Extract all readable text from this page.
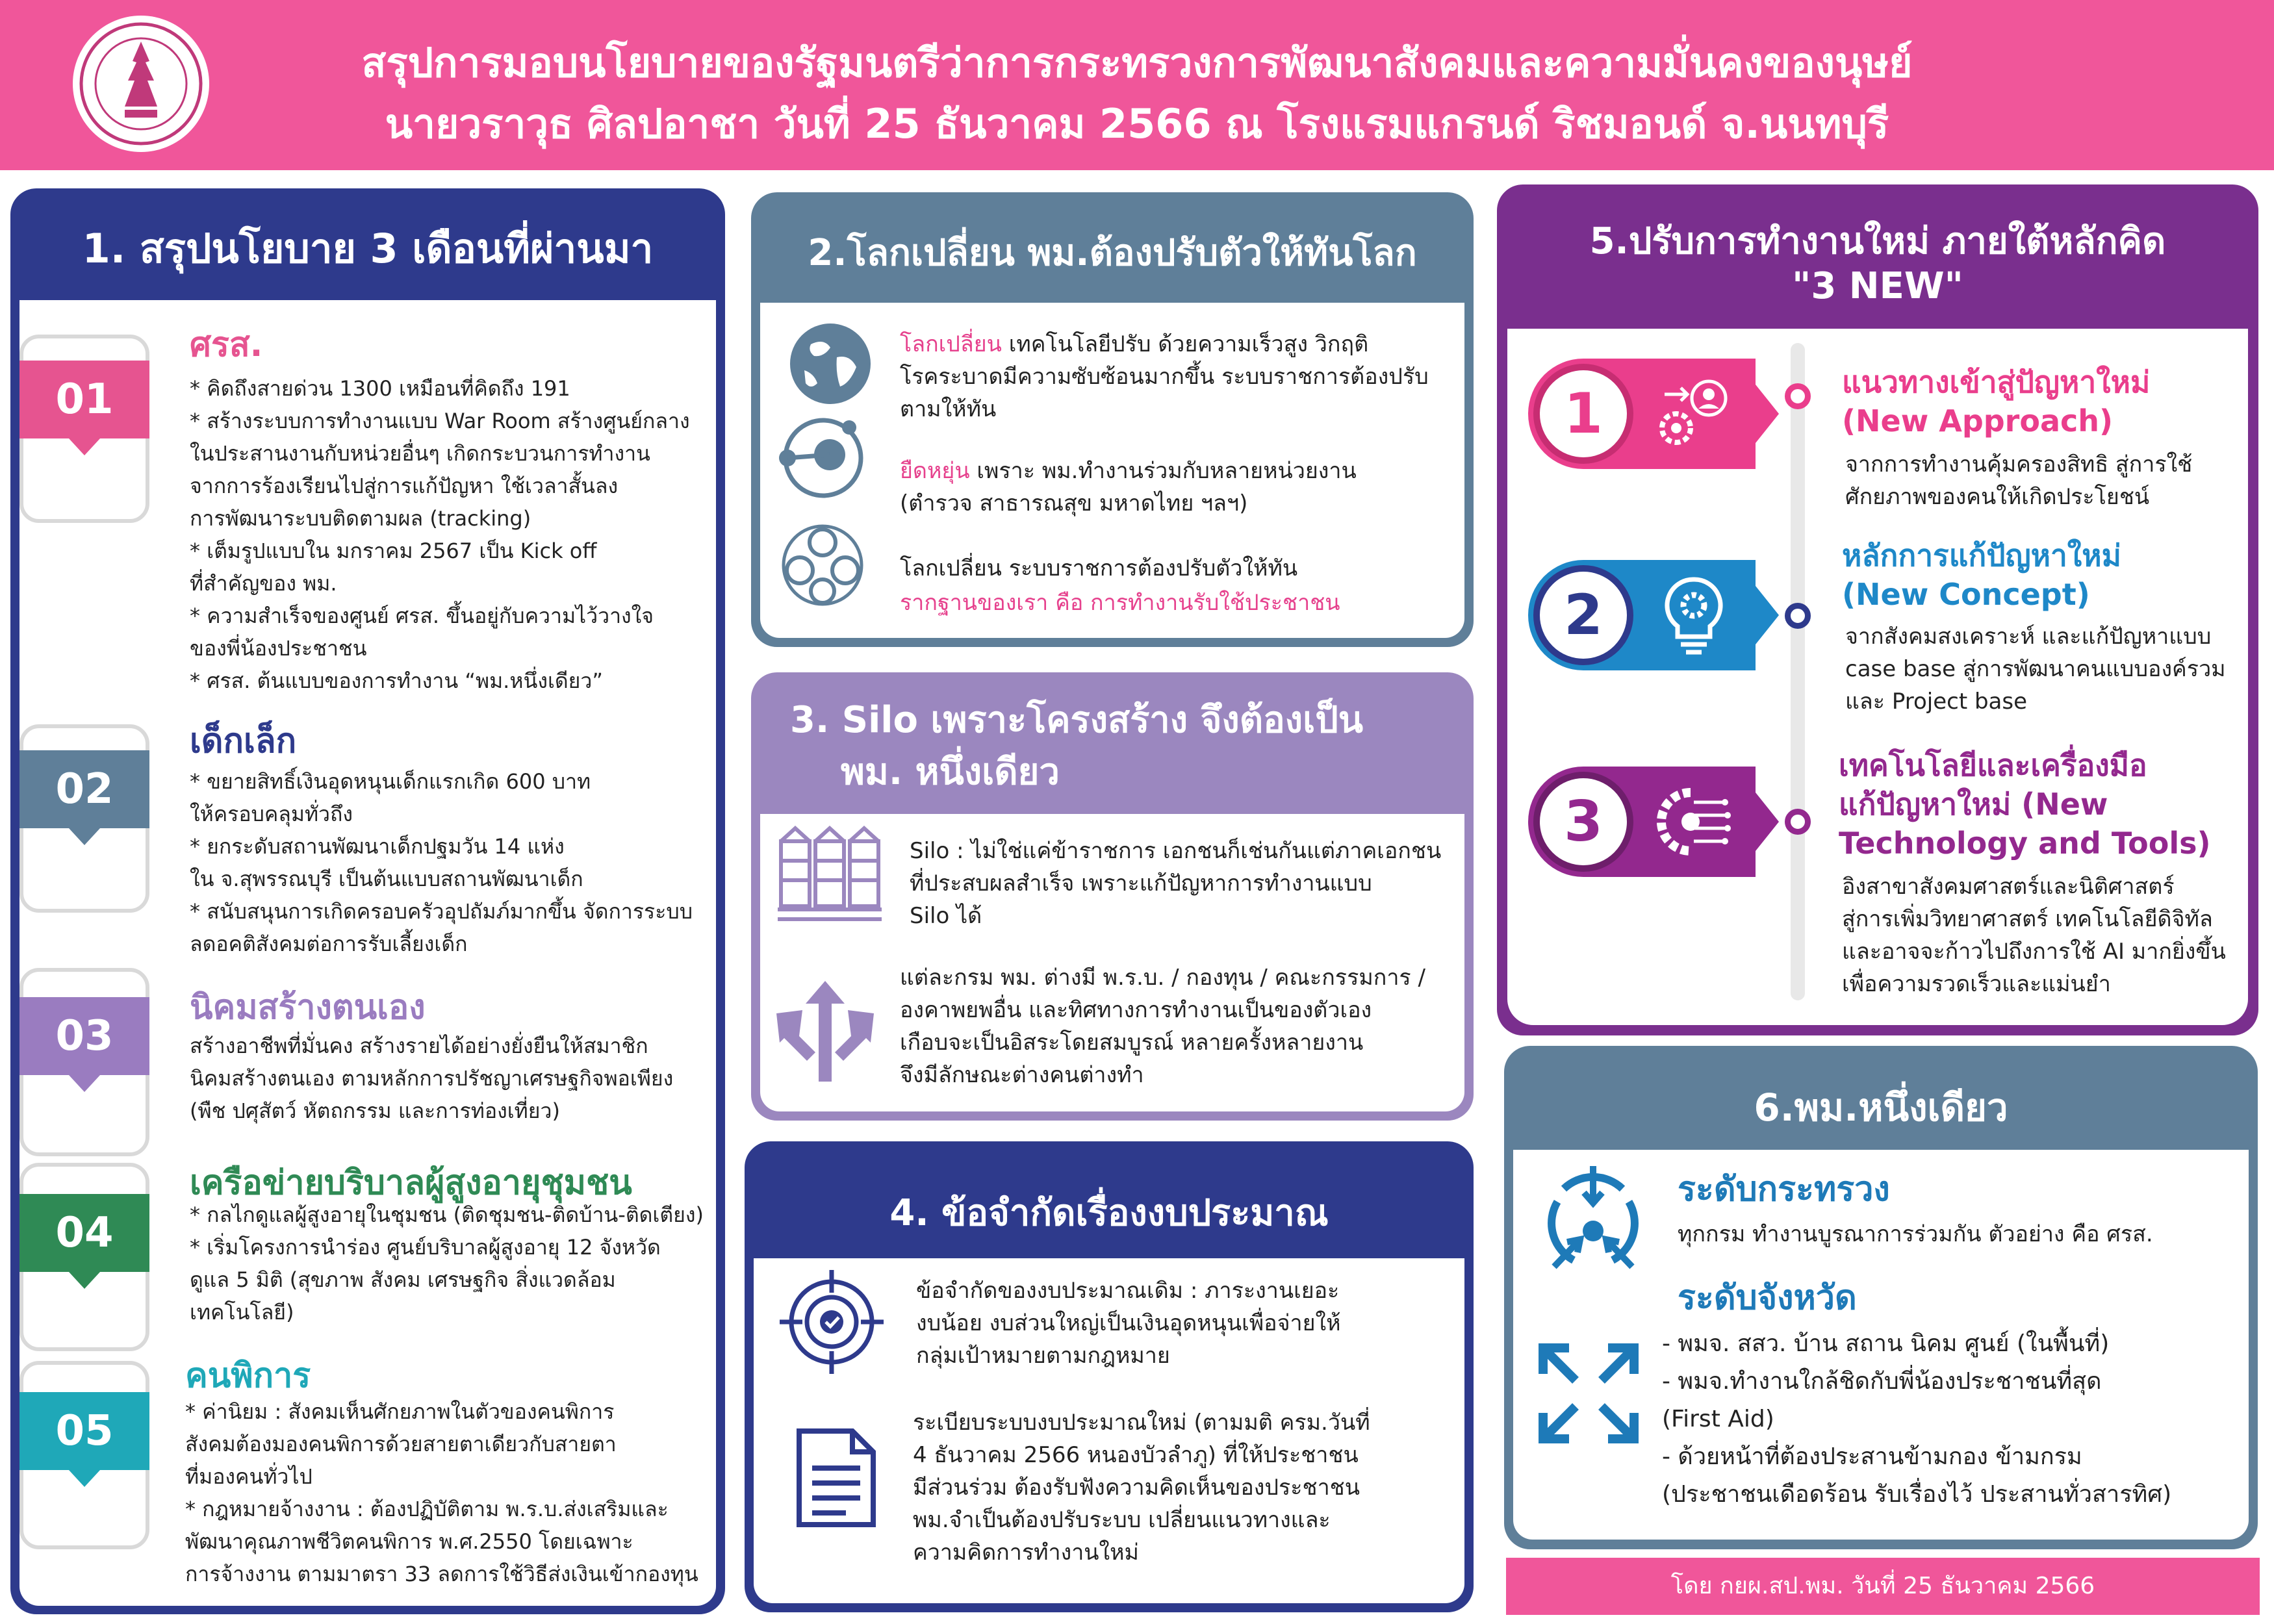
สรุปการมอบนโยบายของรัฐมนตรีว่าการกระทรวงการพัฒนาสังคมและความมั่นคงของนุษย์
นายวราวุธ ศิลปอาชา วันที่ 25 ธันวาคม 2566 ณ โรงแรมแกรนด์ ริชมอนด์ จ.นนทบุรี
1. สรุปนโยบาย 3 เดือนที่ผ่านมา
01
ศรส.
* คิดถึงสายด่วน 1300 เหมือนที่คิดถึง 191
* สร้างระบบการทำงานแบบ War Room สร้างศูนย์กลาง
ในประสานงานกับหน่วยอื่นๆ เกิดกระบวนการทำงาน
จากการร้องเรียนไปสู่การแก้ปัญหา ใช้เวลาสั้นลง
การพัฒนาระบบติดตามผล (tracking)
* เต็มรูปแบบใน มกราคม 2567 เป็น Kick off
ที่สำคัญของ พม.
* ความสำเร็จของศูนย์ ศรส. ขึ้นอยู่กับความไว้วางใจ
ของพี่น้องประชาชน
* ศรส. ต้นแบบของการทำงาน “พม.หนึ่งเดียว”
02
เด็กเล็ก
* ขยายสิทธิ์เงินอุดหนุนเด็กแรกเกิด 600 บาท
ให้ครอบคลุมทั่วถึง
* ยกระดับสถานพัฒนาเด็กปฐมวัน 14 แห่ง
ใน จ.สุพรรณบุรี เป็นต้นแบบสถานพัฒนาเด็ก
* สนับสนุนการเกิดครอบครัวอุปถัมภ์มากขึ้น จัดการระบบ
ลดอคติสังคมต่อการรับเลี้ยงเด็ก
03
นิคมสร้างตนเอง
สร้างอาชีพที่มั่นคง สร้างรายได้อย่างยั่งยืนให้สมาชิก
นิคมสร้างตนเอง ตามหลักการปรัชญาเศรษฐกิจพอเพียง
(พืช ปศุสัตว์ หัตถกรรม และการท่องเที่ยว)
04
เครือข่ายบริบาลผู้สูงอายุชุมชน
* กลไกดูแลผู้สูงอายุในชุมชน (ติดชุมชน-ติดบ้าน-ติดเตียง)
* เริ่มโครงการนำร่อง ศูนย์บริบาลผู้สูงอายุ 12 จังหวัด
ดูแล 5 มิติ (สุขภาพ สังคม เศรษฐกิจ สิ่งแวดล้อม
เทคโนโลยี)
05
คนพิการ
* ค่านิยม : สังคมเห็นศักยภาพในตัวของคนพิการ
สังคมต้องมองคนพิการด้วยสายตาเดียวกับสายตา
ที่มองคนทั่วไป
* กฎหมายจ้างงาน : ต้องปฏิบัติตาม พ.ร.บ.ส่งเสริมและ
พัฒนาคุณภาพชีวิตคนพิการ พ.ศ.2550 โดยเฉพาะ
การจ้างงาน ตามมาตรา 33 ลดการใช้วิธีส่งเงินเข้ากองทุน
2.โลกเปลี่ยน พม.ต้องปรับตัวให้ทันโลก
โลกเปลี่ยน เทคโนโลยีปรับ ด้วยความเร็วสูง วิกฤติ
โรคระบาดมีความซับซ้อนมากขึ้น ระบบราชการต้องปรับ
ตามให้ทัน
ยืดหยุ่น เพราะ พม.ทำงานร่วมกับหลายหน่วยงาน
(ตำรวจ สาธารณสุข มหาดไทย ฯลฯ)
โลกเปลี่ยน ระบบราชการต้องปรับตัวให้ทัน
รากฐานของเรา คือ การทำงานรับใช้ประชาชน
3. Silo เพราะโครงสร้าง จึงต้องเป็น
พม. หนึ่งเดียว
Silo : ไม่ใช่แค่ข้าราชการ เอกชนก็เช่นกันแต่ภาคเอกชน
ที่ประสบผลสำเร็จ เพราะแก้ปัญหาการทำงานแบบ
Silo ได้
แต่ละกรม พม. ต่างมี พ.ร.บ. / กองทุน / คณะกรรมการ /
องคาพยพอื่น และทิศทางการทำงานเป็นของตัวเอง
เกือบจะเป็นอิสระโดยสมบูรณ์ หลายครั้งหลายงาน
จึงมีลักษณะต่างคนต่างทำ
4. ข้อจำกัดเรื่องงบประมาณ
ข้อจำกัดของงบประมาณเดิม : ภาระงานเยอะ
งบน้อย งบส่วนใหญ่เป็นเงินอุดหนุนเพื่อจ่ายให้
กลุ่มเป้าหมายตามกฎหมาย
ระเบียบระบบงบประมาณใหม่ (ตามมติ ครม.วันที่
4 ธันวาคม 2566 หนองบัวลำภู) ที่ให้ประชาชน
มีส่วนร่วม ต้องรับฟังความคิดเห็นของประชาชน
พม.จำเป็นต้องปรับระบบ เปลี่ยนแนวทางและ
ความคิดการทำงานใหม่
5.ปรับการทำงานใหม่ ภายใต้หลักคิด
"3 NEW"
1	แนวทางเข้าสู่ปัญหาใหม่
(New Approach)
จากการทำงานคุ้มครองสิทธิ สู่การใช้
ศักยภาพของคนให้เกิดประโยชน์
2
หลักการแก้ปัญหาใหม่
(New Concept)
จากสังคมสงเคราะห์ และแก้ปัญหาแบบ
case base สู่การพัฒนาคนแบบองค์รวม
และ Project base
3
เทคโนโลยีและเครื่องมือ
แก้ปัญหาใหม่ (New
Technology and Tools)
อิงสาขาสังคมศาสตร์และนิติศาสตร์
สู่การเพิ่มวิทยาศาสตร์ เทคโนโลยีดิจิทัล
และอาจจะก้าวไปถึงการใช้ AI มากยิ่งขึ้น
เพื่อความรวดเร็วและแม่นยำ
6.พม.หนึ่งเดียว
ระดับกระทรวง
ทุกกรม ทำงานบูรณาการร่วมกัน ตัวอย่าง คือ ศรส.
ระดับจังหวัด
- พมจ. สสว. บ้าน สถาน นิคม ศูนย์ (ในพื้นที่)
- พมจ.ทำงานใกล้ชิดกับพี่น้องประชาชนที่สุด
(First Aid)
- ด้วยหน้าที่ต้องประสานข้ามกอง ข้ามกรม
(ประชาชนเดือดร้อน รับเรื่องไว้ ประสานทั่วสารทิศ)
โดย กยผ.สป.พม. วันที่ 25 ธันวาคม 2566
